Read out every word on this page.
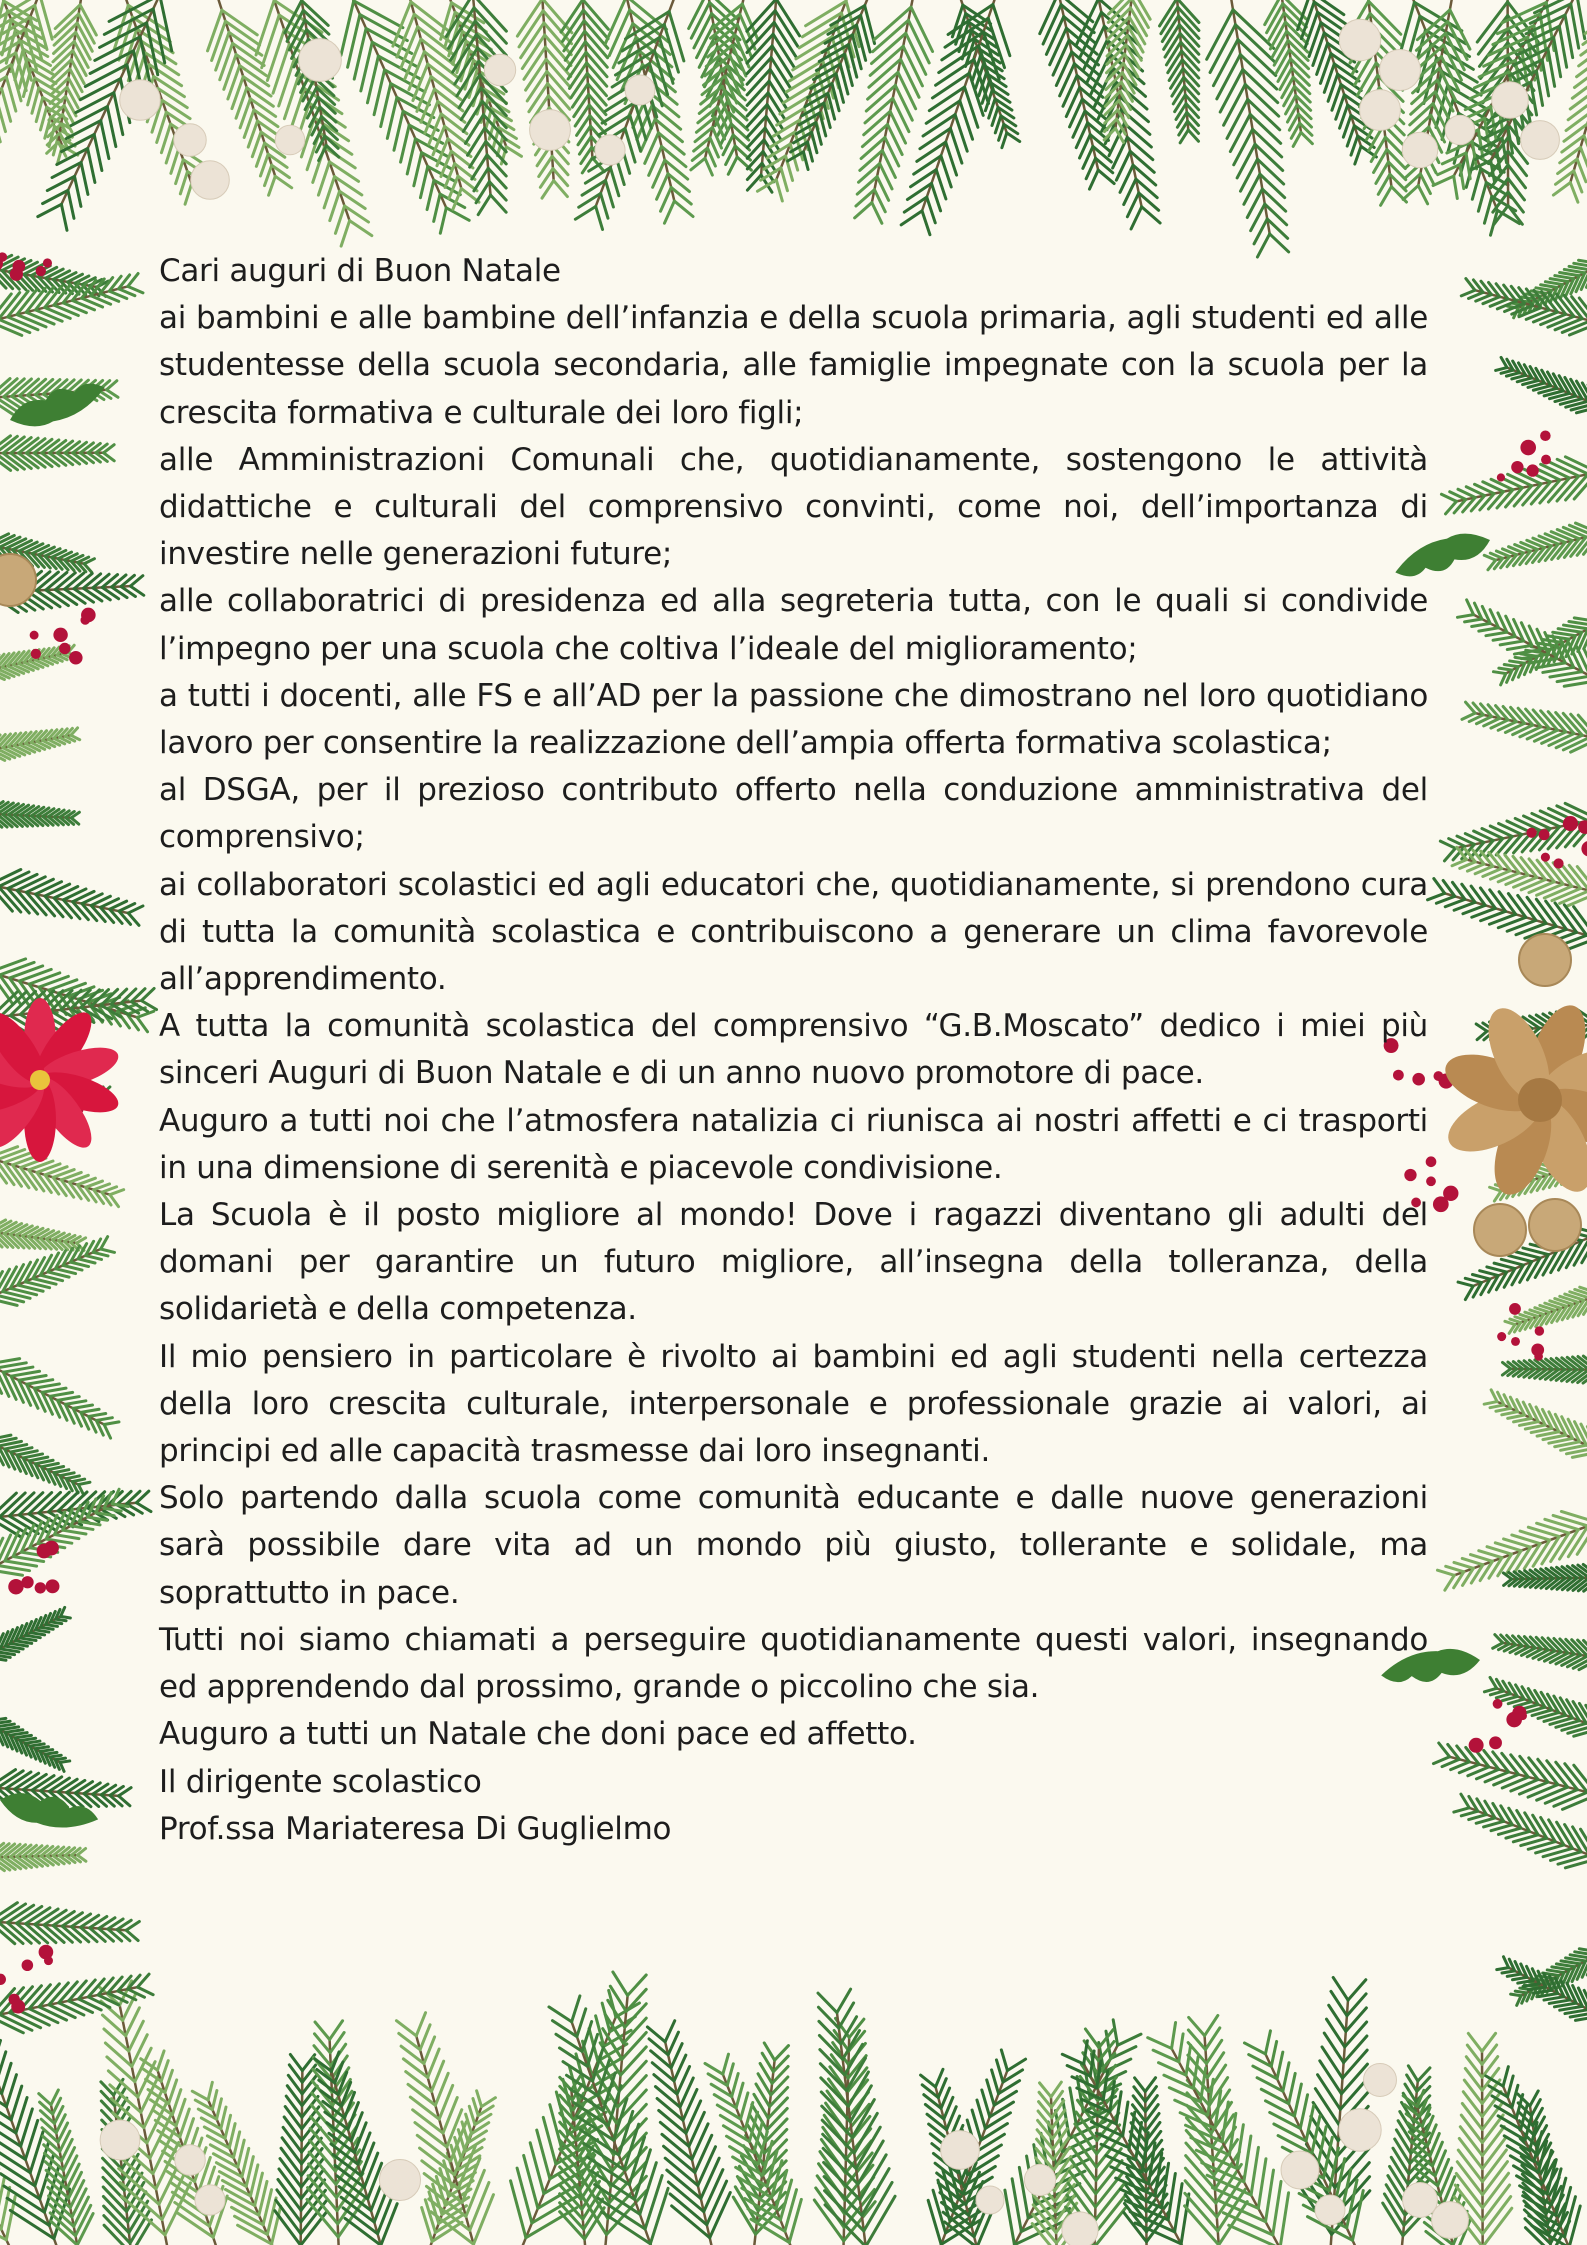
Cari auguri di Buon Natale

ai bambini e alle bambine dell’infanzia e della scuola primaria, agli studenti ed alle studentesse della scuola secondaria, alle famiglie impegnate con la scuola per la crescita formativa e culturale dei loro figli;

alle Amministrazioni Comunali che, quotidianamente, sostengono le attività didattiche e culturali del comprensivo convinti, come noi, dell’importanza di investire nelle generazioni future;

alle collaboratrici di presidenza ed alla segreteria tutta, con le quali si condivide l’impegno per una scuola che coltiva l’ideale del miglioramento;

a tutti i docenti, alle FS e all’AD per la passione che dimostrano nel loro quotidiano lavoro per consentire la realizzazione dell’ampia offerta formativa scolastica;

al DSGA, per il prezioso contributo offerto nella conduzione amministrativa del comprensivo;

ai collaboratori scolastici ed agli educatori che, quotidianamente, si prendono cura di tutta la comunità scolastica e contribuiscono a generare un clima favorevole all’apprendimento.

A tutta la comunità scolastica del comprensivo “G.B.Moscato” dedico i miei più sinceri Auguri di Buon Natale e di un anno nuovo promotore di pace.

Auguro a tutti noi che l’atmosfera natalizia ci riunisca ai nostri affetti e ci trasporti in una dimensione di serenità e piacevole condivisione.

La Scuola è il posto migliore al mondo! Dove i ragazzi diventano gli adulti del domani per garantire un futuro migliore, all’insegna della tolleranza, della solidarietà e della competenza.

Il mio pensiero in particolare è rivolto ai bambini ed agli studenti nella certezza della loro crescita culturale, interpersonale e professionale grazie ai valori, ai principi ed alle capacità trasmesse dai loro insegnanti.

Solo partendo dalla scuola come comunità educante e dalle nuove generazioni sarà possibile dare vita ad un mondo più giusto, tollerante e solidale, ma soprattutto in pace.

Tutti noi siamo chiamati a perseguire quotidianamente questi valori, insegnando ed apprendendo dal prossimo, grande o piccolino che sia.

Auguro a tutti un Natale che doni pace ed affetto.

Il dirigente scolastico

Prof.ssa Mariateresa Di Guglielmo
